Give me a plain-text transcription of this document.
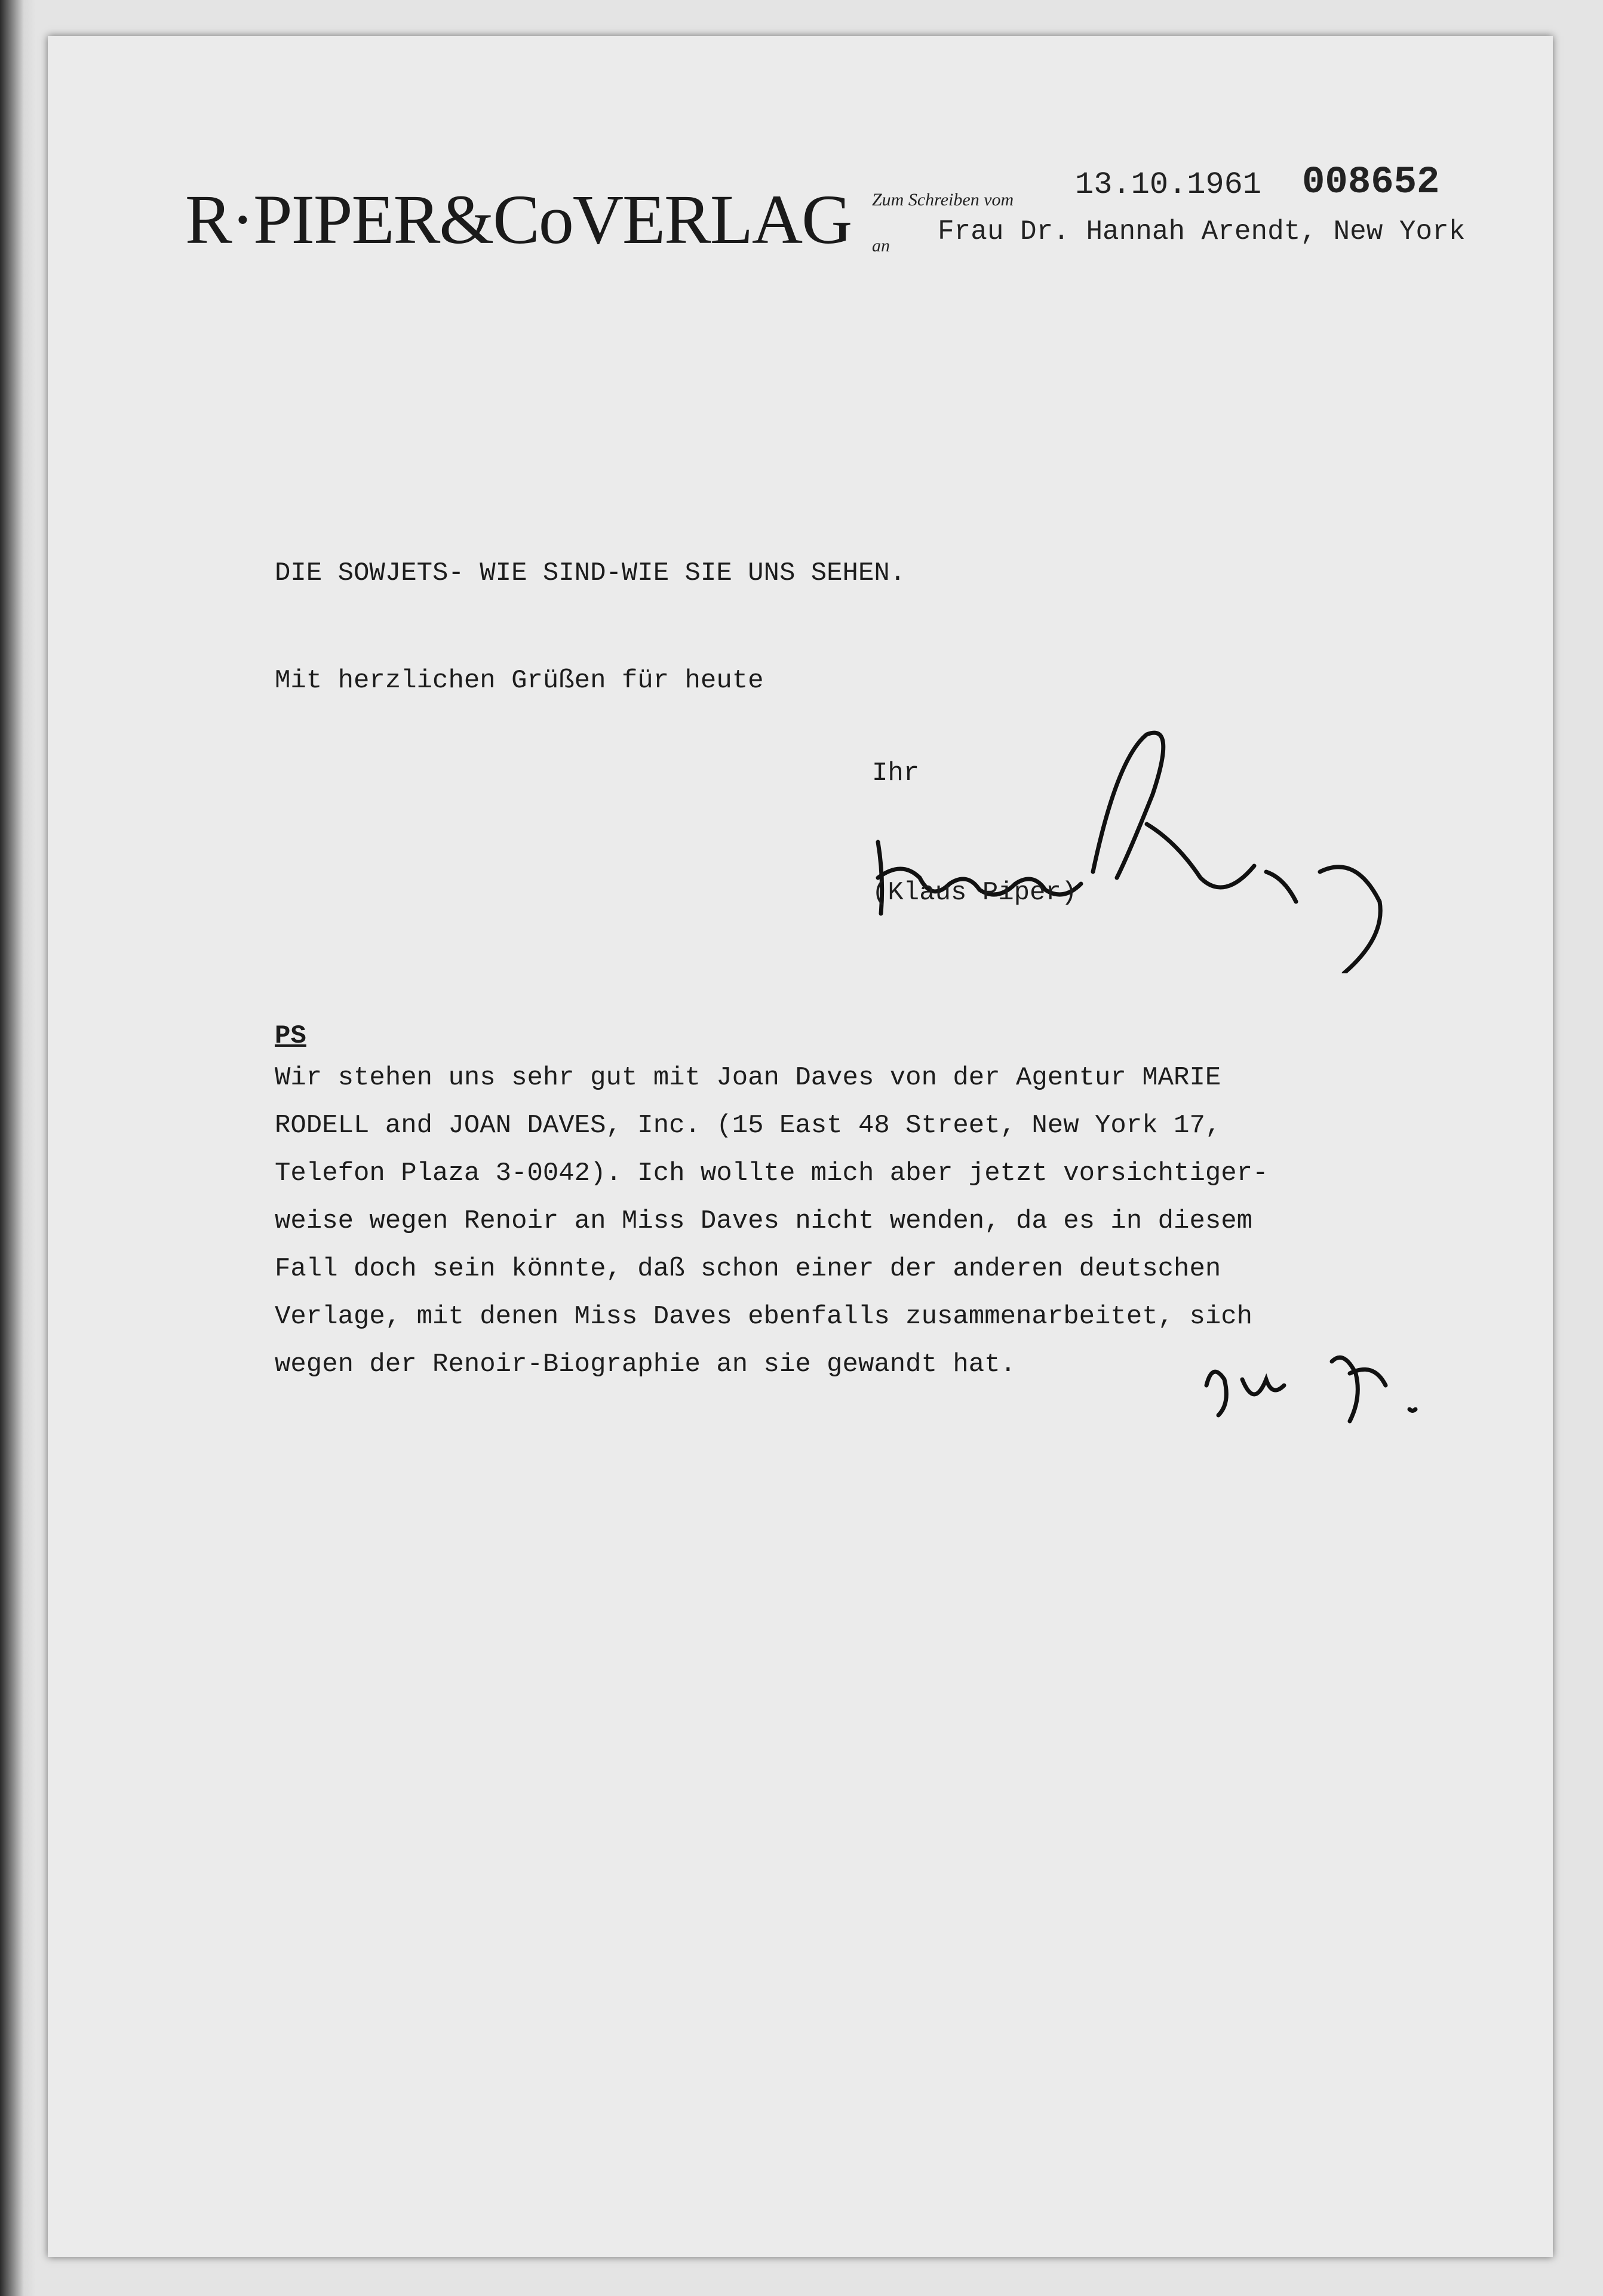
R·PIPER&CoVERLAG Zum Schreiben vom 13.10.1961 008652
an Frau Dr. Hannah Arendt, New York
DIE SOWJETS- WIE SIND-WIE SIE UNS SEHEN.
Mit herzlichen Grüßen für heute
Ihr
(Klaus Piper)
PS
Wir stehen uns sehr gut mit Joan Daves von der Agentur MARIE
RODELL and JOAN DAVES, Inc. (15 East 48 Street, New York 17,
Telefon Plaza 3-0042). Ich wollte mich aber jetzt vorsichtiger-
weise wegen Renoir an Miss Daves nicht wenden, da es in diesem
Fall doch sein könnte, daß schon einer der anderen deutschen
Verlage, mit denen Miss Daves ebenfalls zusammenarbeitet, sich
wegen der Renoir-Biographie an sie gewandt hat.
